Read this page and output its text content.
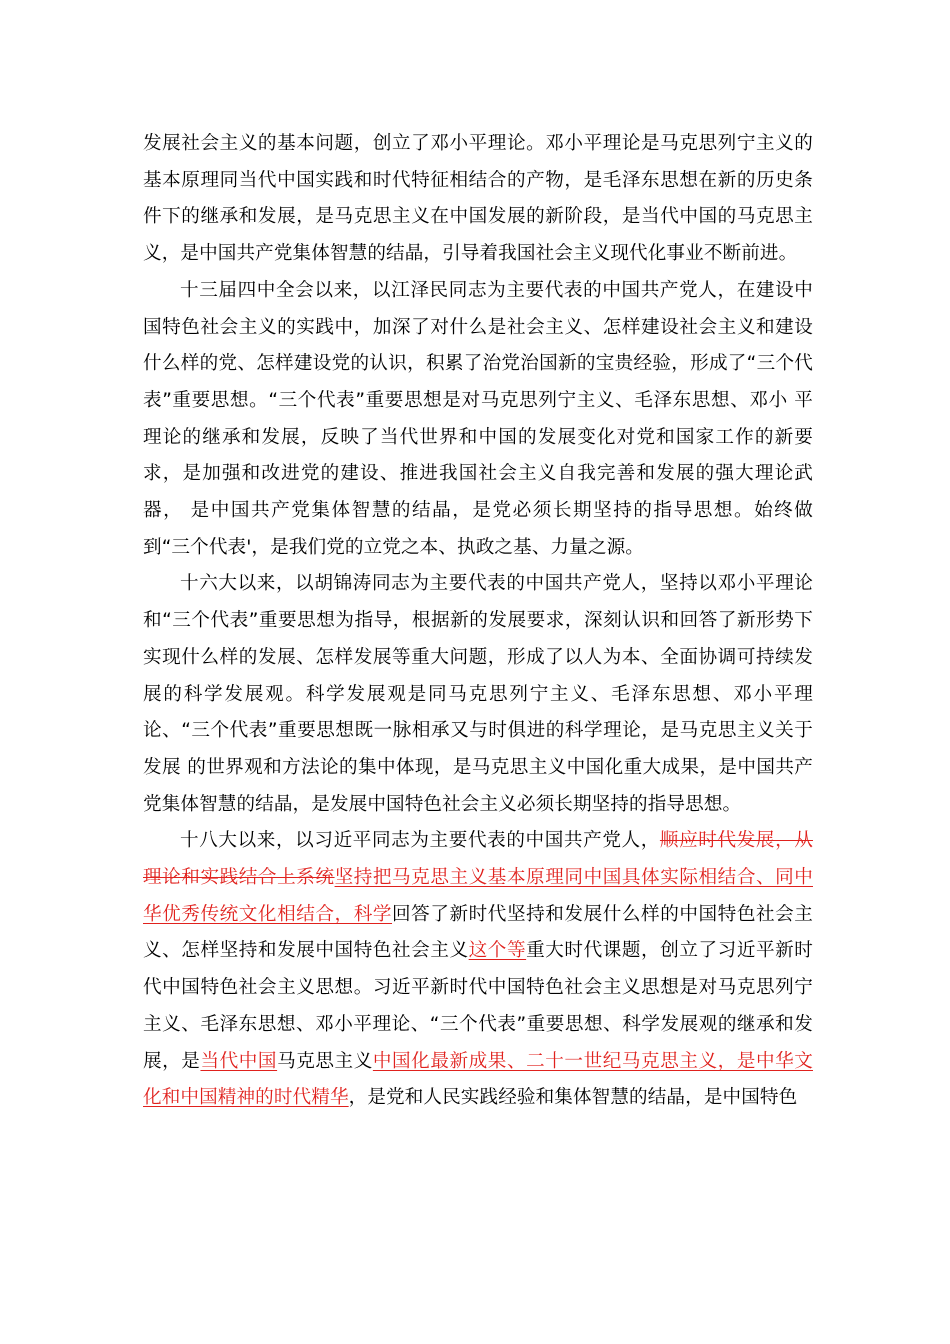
发展社会主义的基本问题，创立了邓小平理论。邓小平理论是马克思列宁主义的基本原理同当代中国实践和时代特征相结合的产物，是毛泽东思想在新的历史条件下的继承和发展，是马克思主义在中国发展的新阶段，是当代中国的马克思主义，是中国共产党集体智慧的结晶，引导着我国社会主义现代化事业不断前进。

十三届四中全会以来，以江泽民同志为主要代表的中国共产党人，在建设中国特色社会主义的实践中，加深了对什么是社会主义、怎样建设社会主义和建设什么样的党、怎样建设党的认识，积累了治党治国新的宝贵经验，形成了“三个代表”重要思想。“三个代表”重要思想是对马克思列宁主义、毛泽东思想、邓小 平理论的继承和发展，反映了当代世界和中国的发展变化对党和国家工作的新要求，是加强和改进党的建设、推进我国社会主义自我完善和发展的强大理论武器， 是中国共产党集体智慧的结晶，是党必须长期坚持的指导思想。始终做到“三个代表'，是我们党的立党之本、执政之基、力量之源。

十六大以来，以胡锦涛同志为主要代表的中国共产党人，坚持以邓小平理论和“三个代表”重要思想为指导，根据新的发展要求，深刻认识和回答了新形势下 实现什么样的发展、怎样发展等重大问题，形成了以人为本、全面协调可持续发展的科学发展观。科学发展观是同马克思列宁主义、毛泽东思想、邓小平理论、“三个代表”重要思想既一脉相承又与时俱进的科学理论，是马克思主义关于发展 的世界观和方法论的集中体现，是马克思主义中国化重大成果，是中国共产党集体智慧的结晶，是发展中国特色社会主义必须长期坚持的指导思想。

十八大以来，以习近平同志为主要代表的中国共产党人，顺应时代发展，从理论和实践结合上系统坚持把马克思主义基本原理同中国具体实际相结合、同中华优秀传统文化相结合，科学回答了新时代坚持和发展什么样的中国特色社会主义、怎样坚持和发展中国特色社会主义这个等重大时代课题，创立了习近平新时代中国特色社会主义思想。习近平新时代中国特色社会主义思想是对马克思列宁主义、毛泽东思想、邓小平理论、“三个代表”重要思想、科学发展观的继承和发 展，是当代中国马克思主义中国化最新成果、二十一世纪马克思主义，是中华文化和中国精神的时代精华，是党和人民实践经验和集体智慧的结晶，是中国特色
